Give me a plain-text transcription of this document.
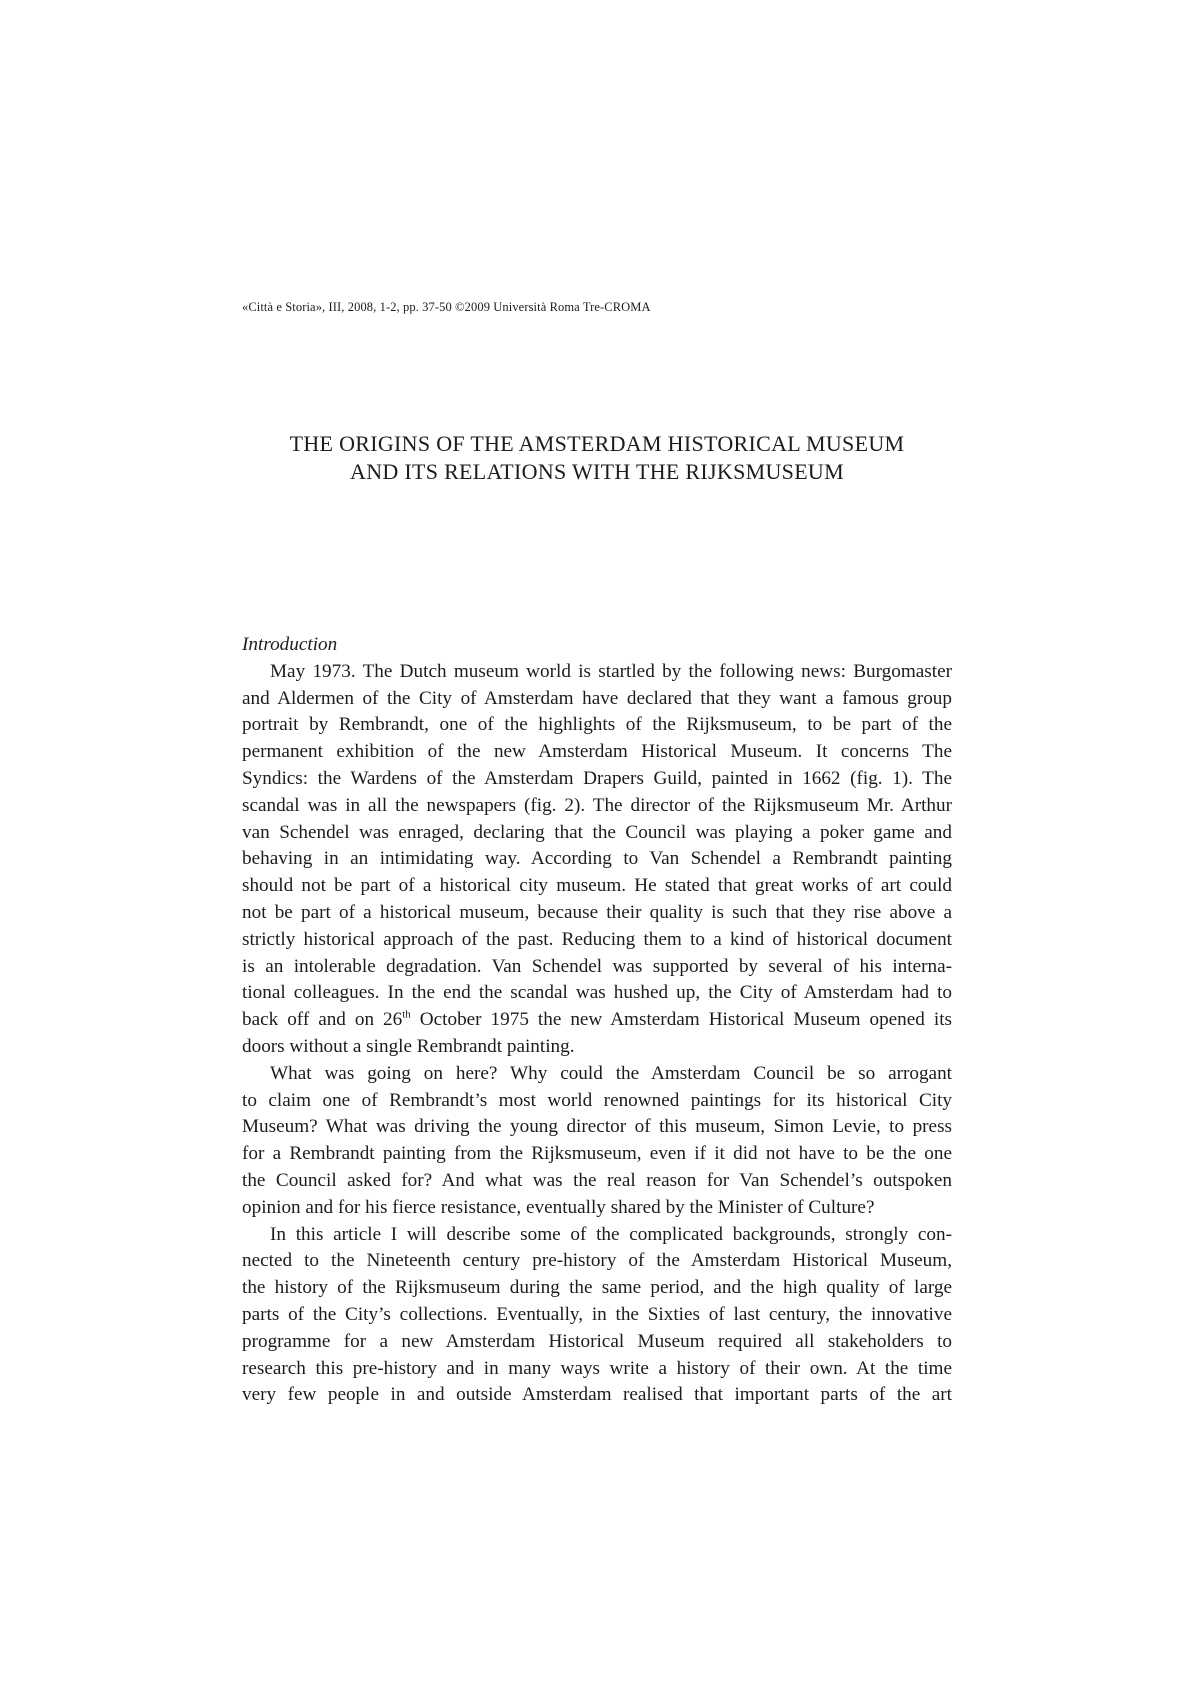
«Città e Storia», III, 2008, 1-2, pp. 37-50 ©2009 Università Roma Tre-CROMA
THE ORIGINS OF THE AMSTERDAM HISTORICAL MUSEUM
AND ITS RELATIONS WITH THE RIJKSMUSEUM
Introduction
May 1973. The Dutch museum world is startled by the following news: Burgomaster
and Aldermen of the City of Amsterdam have declared that they want a famous group
portrait by Rembrandt, one of the highlights of the Rijksmuseum, to be part of the
permanent exhibition of the new Amsterdam Historical Museum. It concerns The
Syndics: the Wardens of the Amsterdam Drapers Guild, painted in 1662 (fig. 1). The
scandal was in all the newspapers (fig. 2). The director of the Rijksmuseum Mr. Arthur
van Schendel was enraged, declaring that the Council was playing a poker game and
behaving in an intimidating way. According to Van Schendel a Rembrandt painting
should not be part of a historical city museum. He stated that great works of art could
not be part of a historical museum, because their quality is such that they rise above a
strictly historical approach of the past. Reducing them to a kind of historical document
is an intolerable degradation. Van Schendel was supported by several of his interna-
tional colleagues. In the end the scandal was hushed up, the City of Amsterdam had to
back off and on 26th October 1975 the new Amsterdam Historical Museum opened its
doors without a single Rembrandt painting.
What was going on here? Why could the Amsterdam Council be so arrogant
to claim one of Rembrandt’s most world renowned paintings for its historical City
Museum? What was driving the young director of this museum, Simon Levie, to press
for a Rembrandt painting from the Rijksmuseum, even if it did not have to be the one
the Council asked for? And what was the real reason for Van Schendel’s outspoken
opinion and for his fierce resistance, eventually shared by the Minister of Culture?
In this article I will describe some of the complicated backgrounds, strongly con-
nected to the Nineteenth century pre-history of the Amsterdam Historical Museum,
the history of the Rijksmuseum during the same period, and the high quality of large
parts of the City’s collections. Eventually, in the Sixties of last century, the innovative
programme for a new Amsterdam Historical Museum required all stakeholders to
research this pre-history and in many ways write a history of their own. At the time
very few people in and outside Amsterdam realised that important parts of the art
